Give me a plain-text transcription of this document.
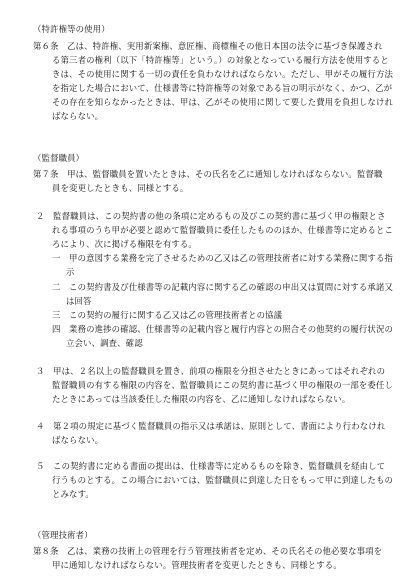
（特許権等の使用）
第６条　乙は、特許権、実用新案権、意匠権、商標権その他日本国の法令に基づき保護され
る第三者の権利（以下「特許権等」という。）の対象となっている履行方法を使用すると
きは、その使用に関する一切の責任を負わなければならない。ただし、甲がその履行方法
を指定した場合において、仕様書等に特許権等の対象である旨の明示がなく、かつ、乙が
その存在を知らなかったときは、甲は、乙がその使用に関して要した費用を負担しなけれ
ばならない。
（監督職員）
第７条　甲は、監督職員を置いたときは、その氏名を乙に通知しなければならない。監督職
員を変更したときも、同様とする。
２　監督職員は、この契約書の他の条項に定めるもの及びこの契約書に基づく甲の権限とさ
れる事項のうち甲が必要と認めて監督職員に委任したもののほか、仕様書等に定めるとこ
ろにより、次に掲げる権限を有する。
一　甲の意図する業務を完了させるための乙又は乙の管理技術者に対する業務に関する指
示
二　この契約書及び仕様書等の記載内容に関する乙の確認の申出又は質問に対する承諾又
は回答
三　この契約の履行に関する乙又は乙の管理技術者との協議
四　業務の進捗の確認、仕様書等の記載内容と履行内容との照合その他契約の履行状況の
立会い、調査、確認
３　甲は、２名以上の監督職員を置き、前項の権限を分担させたときにあってはそれぞれの
監督職員の有する権限の内容を、監督職員にこの契約書に基づく甲の権限の一部を委任し
たときにあっては当該委任した権限の内容を、乙に通知しなければならない。
４　第２項の規定に基づく監督職員の指示又は承諾は、原則として、書面により行わなけれ
ばならない。
５　この契約書に定める書面の提出は、仕様書等に定めるものを除き、監督職員を経由して
行うものとする。この場合においては、監督職員に到達した日をもって甲に到達したもの
とみなす。
（管理技術者）
第８条　乙は、業務の技術上の管理を行う管理技術者を定め、その氏名その他必要な事項を
甲に通知しなければならない。管理技術者を変更したときも、同様とする。
